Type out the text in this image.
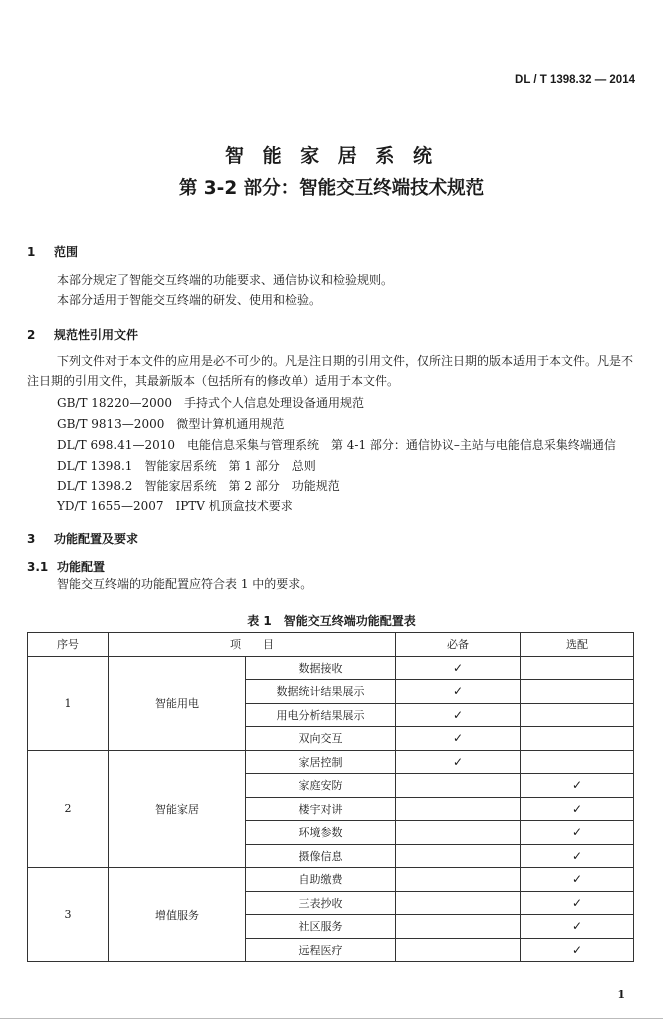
DL / T 1398.32 — 2014
智 能 家 居 系 统
第 3-2 部分：智能交互终端技术规范
1 范围
本部分规定了智能交互终端的功能要求、通信协议和检验规则。
本部分适用于智能交互终端的研发、使用和检验。
2 规范性引用文件
下列文件对于本文件的应用是必不可少的。凡是注日期的引用文件，仅所注日期的版本适用于本文件。凡是不注日期的引用文件，其最新版本（包括所有的修改单）适用于本文件。
GB/T 18220—2000　手持式个人信息处理设备通用规范
GB/T 9813—2000　微型计算机通用规范
DL/T 698.41—2010　电能信息采集与管理系统　第 4-1 部分：通信协议–主站与电能信息采集终端通信
DL/T 1398.1　智能家居系统　第 1 部分　总则
DL/T 1398.2　智能家居系统　第 2 部分　功能规范
YD/T 1655—2007　IPTV 机顶盒技术要求
3 功能配置及要求
3.1 功能配置
智能交互终端的功能配置应符合表 1 中的要求。
表 1　智能交互终端功能配置表
序号	项　　目		必备	选配
1	智能用电	数据接收	✓	
		数据统计结果展示	✓	
		用电分析结果展示	✓	
		双向交互	✓	
2	智能家居	家居控制	✓	
		家庭安防		✓
		楼宇对讲		✓
		环境参数		✓
		摄像信息		✓
3	增值服务	自助缴费		✓
		三表抄收		✓
		社区服务		✓
		远程医疗		✓
1
